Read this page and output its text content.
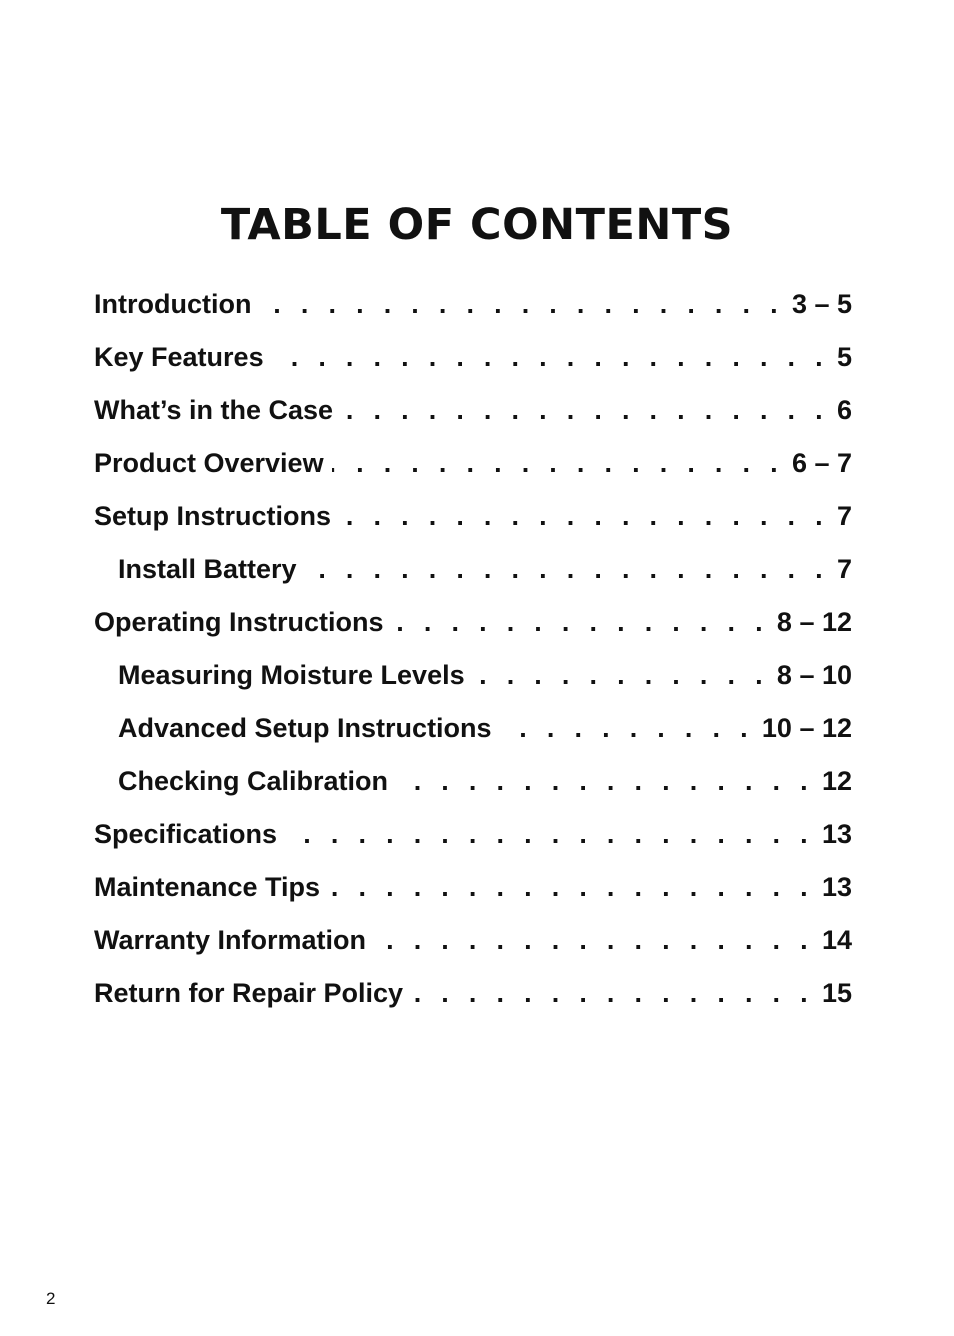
TABLE OF CONTENTS
Introduction . . .	3 – 5
Key Features . . .	5
What’s in the Case . . .	6
Product Overview . . .	6 – 7
Setup Instructions . . .	7
Install Battery . . .	7
Operating Instructions . . .	8 – 12
Measuring Moisture Levels . . .	8 – 10
Advanced Setup Instructions . . .	10 – 12
Checking Calibration . . .	12
Specifications . . .	13
Maintenance Tips . . .	13
Warranty Information . . .	14
Return for Repair Policy . . .	15
2
